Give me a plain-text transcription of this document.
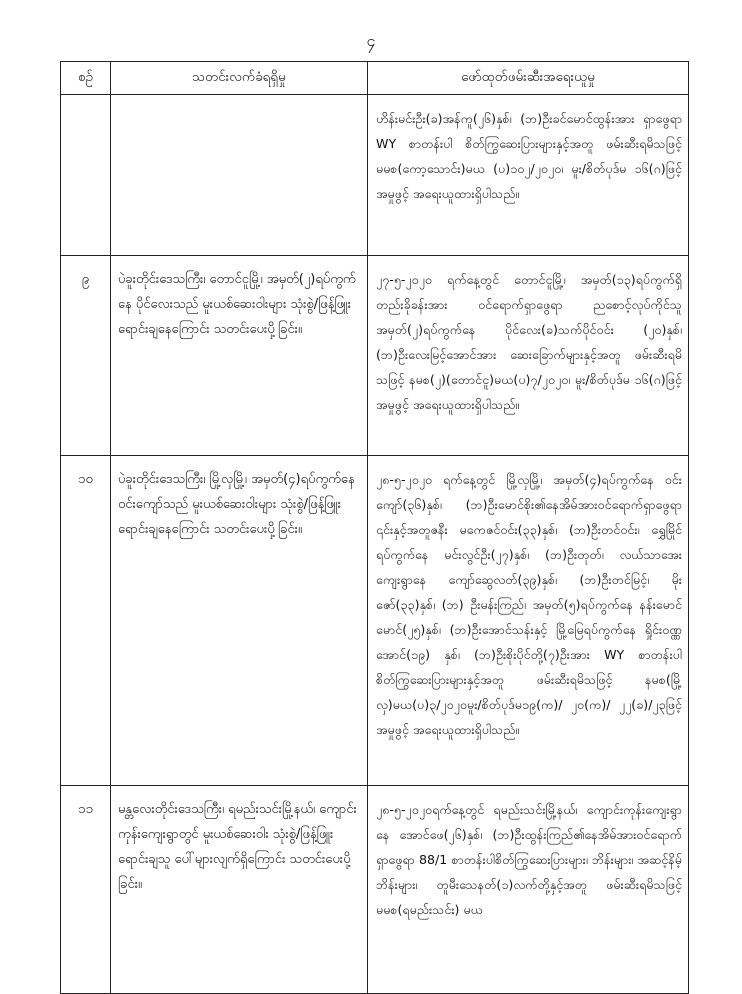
၄
စဉ်	သတင်းလက်ခံရရှိမှု	ဖော်ထုတ်ဖမ်းဆီးအရေးယူမှု
		ဟိန်းမင်းဦး(ခ)အန်ကူ(၂၆)နှစ်၊ (ဘ)ဦးခင်မောင်ထွန်းအား ရှာဖွေရာ WY စာတန်းပါ စိတ်ကြွဆေးပြားများနှင့်အတူ ဖမ်းဆီးရမိသဖြင့် မမစ(ကော့သောင်း)မယ (ပ)၁၀၂/၂၀၂၀၊ မူး/စိတ်ပုဒ်မ ၁၆(ဂ)ဖြင့် အမှုဖွင့် အရေးယူထားရှိပါသည်။
၉	ပဲခူးတိုင်းဒေသကြီး၊ တောင်ငူမြို့၊ အမှတ်(၂)ရပ်ကွက်နေ ပိုင်လေးသည် မူးယစ်ဆေးဝါးများ သုံးစွဲ/ဖြန့်ဖြူးရောင်းချနေကြောင်း သတင်းပေးပို့ခြင်း။	၂၇-၅-၂၀၂၀ ရက်နေ့တွင် တောင်ငူမြို့၊ အမှတ်(၁၃)ရပ်ကွက်ရှိ တည်းခိုခန်းအား ဝင်ရောက်ရှာဖွေရာ ညစောင့်လုပ်ကိုင်သူ အမှတ်(၂)ရပ်ကွက်နေ ပိုင်လေး(ခ)သက်ပိုင်ဝင်း (၂၀)နှစ်၊ (ဘ)ဦးလေးမြင့်အောင်အား ဆေးခြောက်များနှင့်အတူ ဖမ်းဆီးရမိသဖြင့် နမစ(၂)(တောင်ငူ)မယ(ပ)၇/၂၀၂၀၊ မူး/စိတ်ပုဒ်မ ၁၆(ဂ)ဖြင့် အမှုဖွင့် အရေးယူထားရှိပါသည်။
၁၀	ပဲခူးတိုင်းဒေသကြီး၊ မြို့လှမြို့၊ အမှတ်(၄)ရပ်ကွက်နေ ဝင်းကျော်သည် မူးယစ်ဆေးဝါးများ သုံးစွဲ/ဖြန့်ဖြူးရောင်းချနေကြောင်း သတင်းပေးပို့ခြင်း။	၂၈-၅-၂၀၂၀ ရက်နေ့တွင် မြို့လှမြို့၊ အမှတ်(၄)ရပ်ကွက်နေ ဝင်းကျော်(၃၆)နှစ်၊ (ဘ)ဦးမောင်စိုး၏နေအိမ်အားဝင်ရောက်ရှာဖွေရာ ၎င်းနှင့်အတူဇနီး မကေဇင်ဝင်း(၃၃)နှစ်၊ (ဘ)ဦးတင်ဝင်း၊ ရွှေမြိုင်ရပ်ကွက်နေ မင်းလွင်ဦး(၂၇)နှစ်၊ (ဘ)ဦးတုတ်၊ လယ်သာအေးကျေးရွာနေ ကျော်ဆွေလတ်(၃၉)နှစ်၊ (ဘ)ဦးတင်မြင့်၊ မိုးဇော်(၃၃)နှစ်၊ (ဘ) ဦးမန်းကြည်၊ အမှတ်(၅)ရပ်ကွက်နေ နန်းမောင်မောင်(၂၅)နှစ်၊ (ဘ)ဦးအောင်သန်းနှင့် မြို့မြေရပ်ကွက်နေ ရှိုင်းဝဏ္ဏအောင်(၁၉) နှစ်၊ (ဘ)ဦးစိုးပိုင်တို့(၇)ဦးအား WY စာတန်းပါ စိတ်ကြွဆေးပြားများနှင့်အတူ ဖမ်းဆီးရမိသဖြင့် နမစ(မြို့လှ)မယ(ပ)၃/၂၀၂၀မူး/စိတ်ပုဒ်မ၁၉(က)/ ၂၀(က)/ ၂၂(ခ)/၂၃ဖြင့် အမှုဖွင့် အရေးယူထားရှိပါသည်။
၁၁	မန္တလေးတိုင်းဒေသကြီး၊ ရမည်းသင်းမြို့နယ်၊ ကျောင်းကုန်းကျေးရွာတွင် မူးယစ်ဆေးဝါး သုံးစွဲ/ဖြန့်ဖြူးရောင်းချသူ ပေါ်များလျက်ရှိကြောင်း သတင်းပေးပို့ခြင်း။	၂၈-၅-၂၀၂၀ရက်နေ့တွင် ရမည်းသင်းမြို့နယ်၊ ကျောင်းကုန်းကျေးရွာနေ အောင်ဖေ(၂၆)နှစ်၊ (ဘ)ဦးထွန်းကြည်၏နေအိမ်အားဝင်ရောက်ရှာဖွေရာ 88/1 စာတန်းပါစိတ်ကြွဆေးပြားများ၊ ဘိန်းများ၊ အဆင့်နိမ့်ဘိန်းများ၊ တူမီးသေနတ်(၁)လက်တို့နှင့်အတူ ဖမ်းဆီးရမိသဖြင့် မမစ(ရမည်းသင်း) မယ
